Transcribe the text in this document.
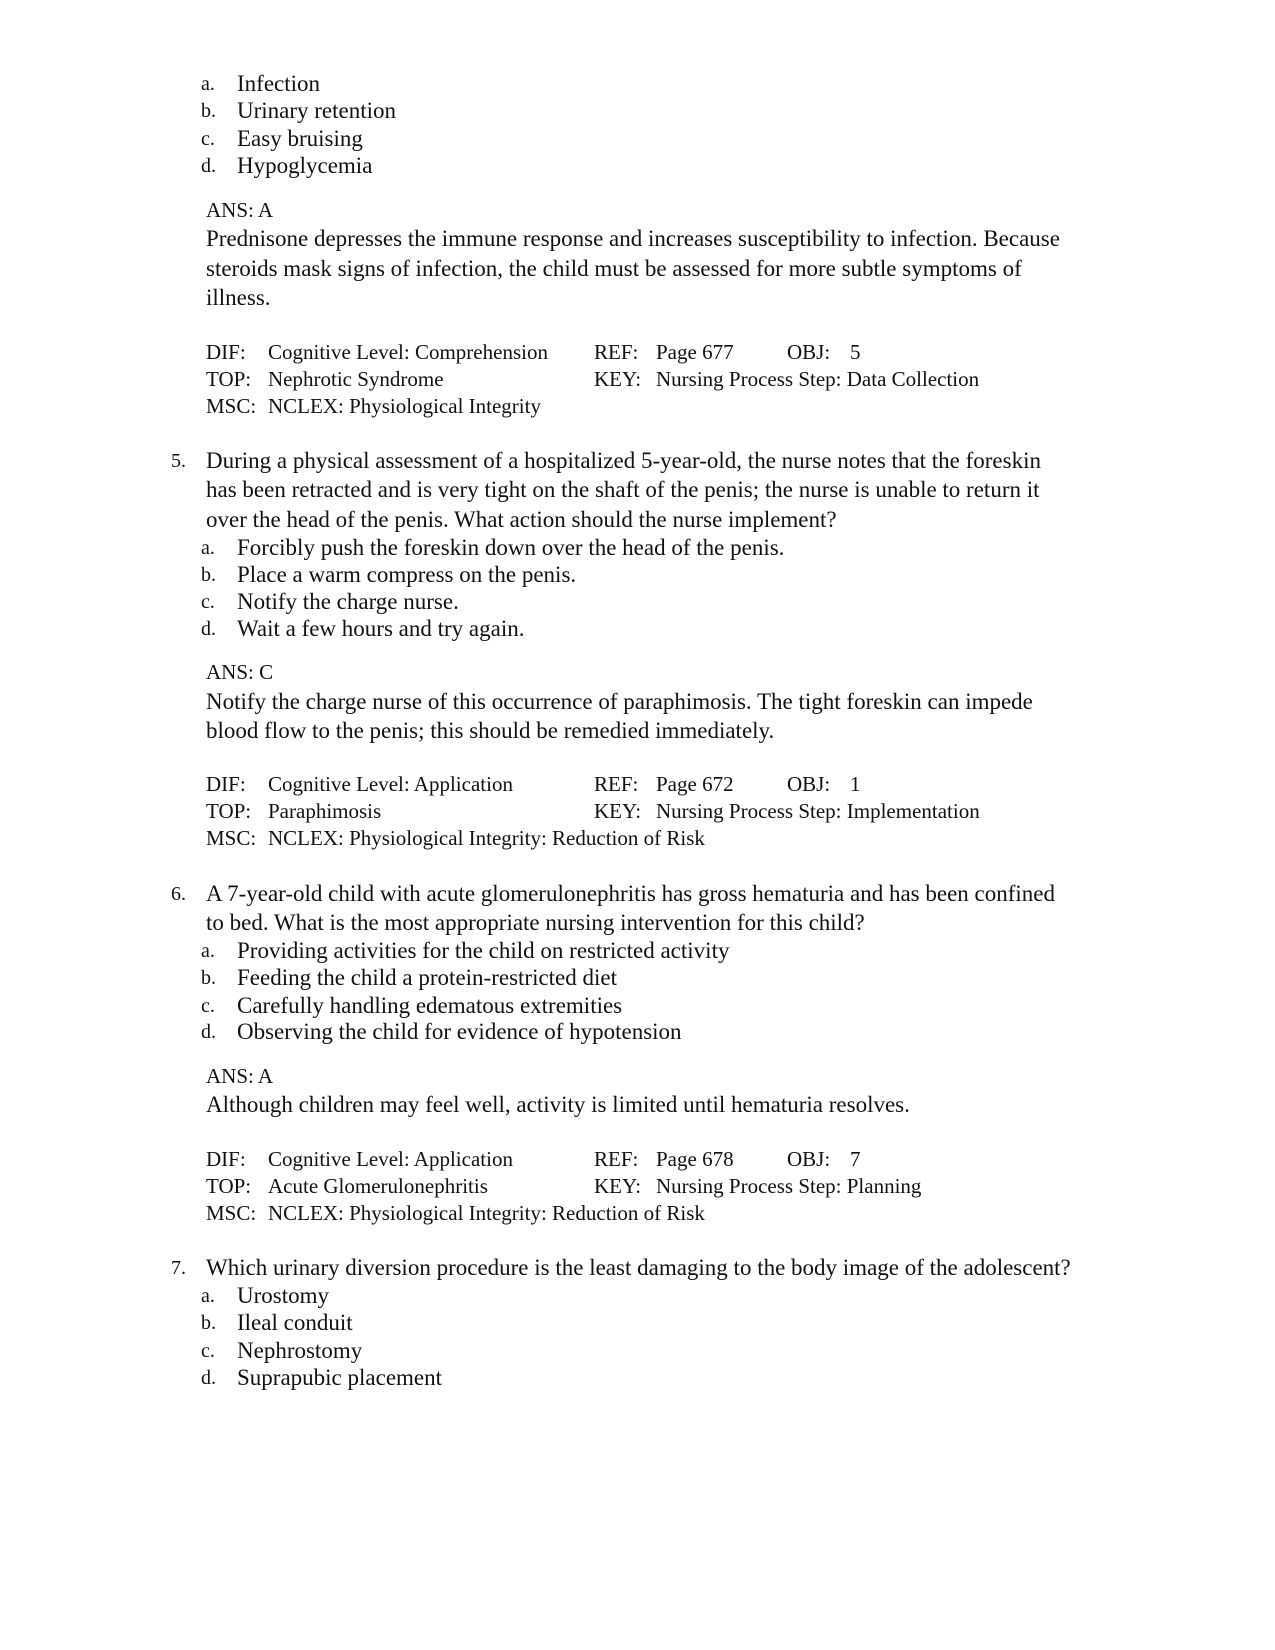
a. Infection
b. Urinary retention
c. Easy bruising
d. Hypoglycemia
ANS: A
Prednisone depresses the immune response and increases susceptibility to infection. Because
steroids mask signs of infection, the child must be assessed for more subtle symptoms of
illness.
DIF: Cognitive Level: Comprehension REF: Page 677	OBJ: 5
TOP: Nephrotic Syndrome	KEY: Nursing Process Step: Data Collection
MSC: NCLEX: Physiological Integrity
5. During a physical assessment of a hospitalized 5-year-old, the nurse notes that the foreskin
has been retracted and is very tight on the shaft of the penis; the nurse is unable to return it
over the head of the penis. What action should the nurse implement?
a. Forcibly push the foreskin down over the head of the penis.
b. Place a warm compress on the penis.
c. Notify the charge nurse.
d. Wait a few hours and try again.
ANS: C
Notify the charge nurse of this occurrence of paraphimosis. The tight foreskin can impede
blood flow to the penis; this should be remedied immediately.
DIF: Cognitive Level: Application	REF: Page 672	OBJ: 1
TOP: Paraphimosis	KEY: Nursing Process Step: Implementation
MSC: NCLEX: Physiological Integrity: Reduction of Risk
6. A 7-year-old child with acute glomerulonephritis has gross hematuria and has been confined
to bed. What is the most appropriate nursing intervention for this child?
a. Providing activities for the child on restricted activity
b. Feeding the child a protein-restricted diet
c. Carefully handling edematous extremities
d. Observing the child for evidence of hypotension
ANS: A
Although children may feel well, activity is limited until hematuria resolves.
DIF: Cognitive Level: Application	REF: Page 678	OBJ: 7
TOP: Acute Glomerulonephritis	KEY: Nursing Process Step: Planning
MSC: NCLEX: Physiological Integrity: Reduction of Risk
7. Which urinary diversion procedure is the least damaging to the body image of the adolescent?
a. Urostomy
b. Ileal conduit
c. Nephrostomy
d. Suprapubic placement
